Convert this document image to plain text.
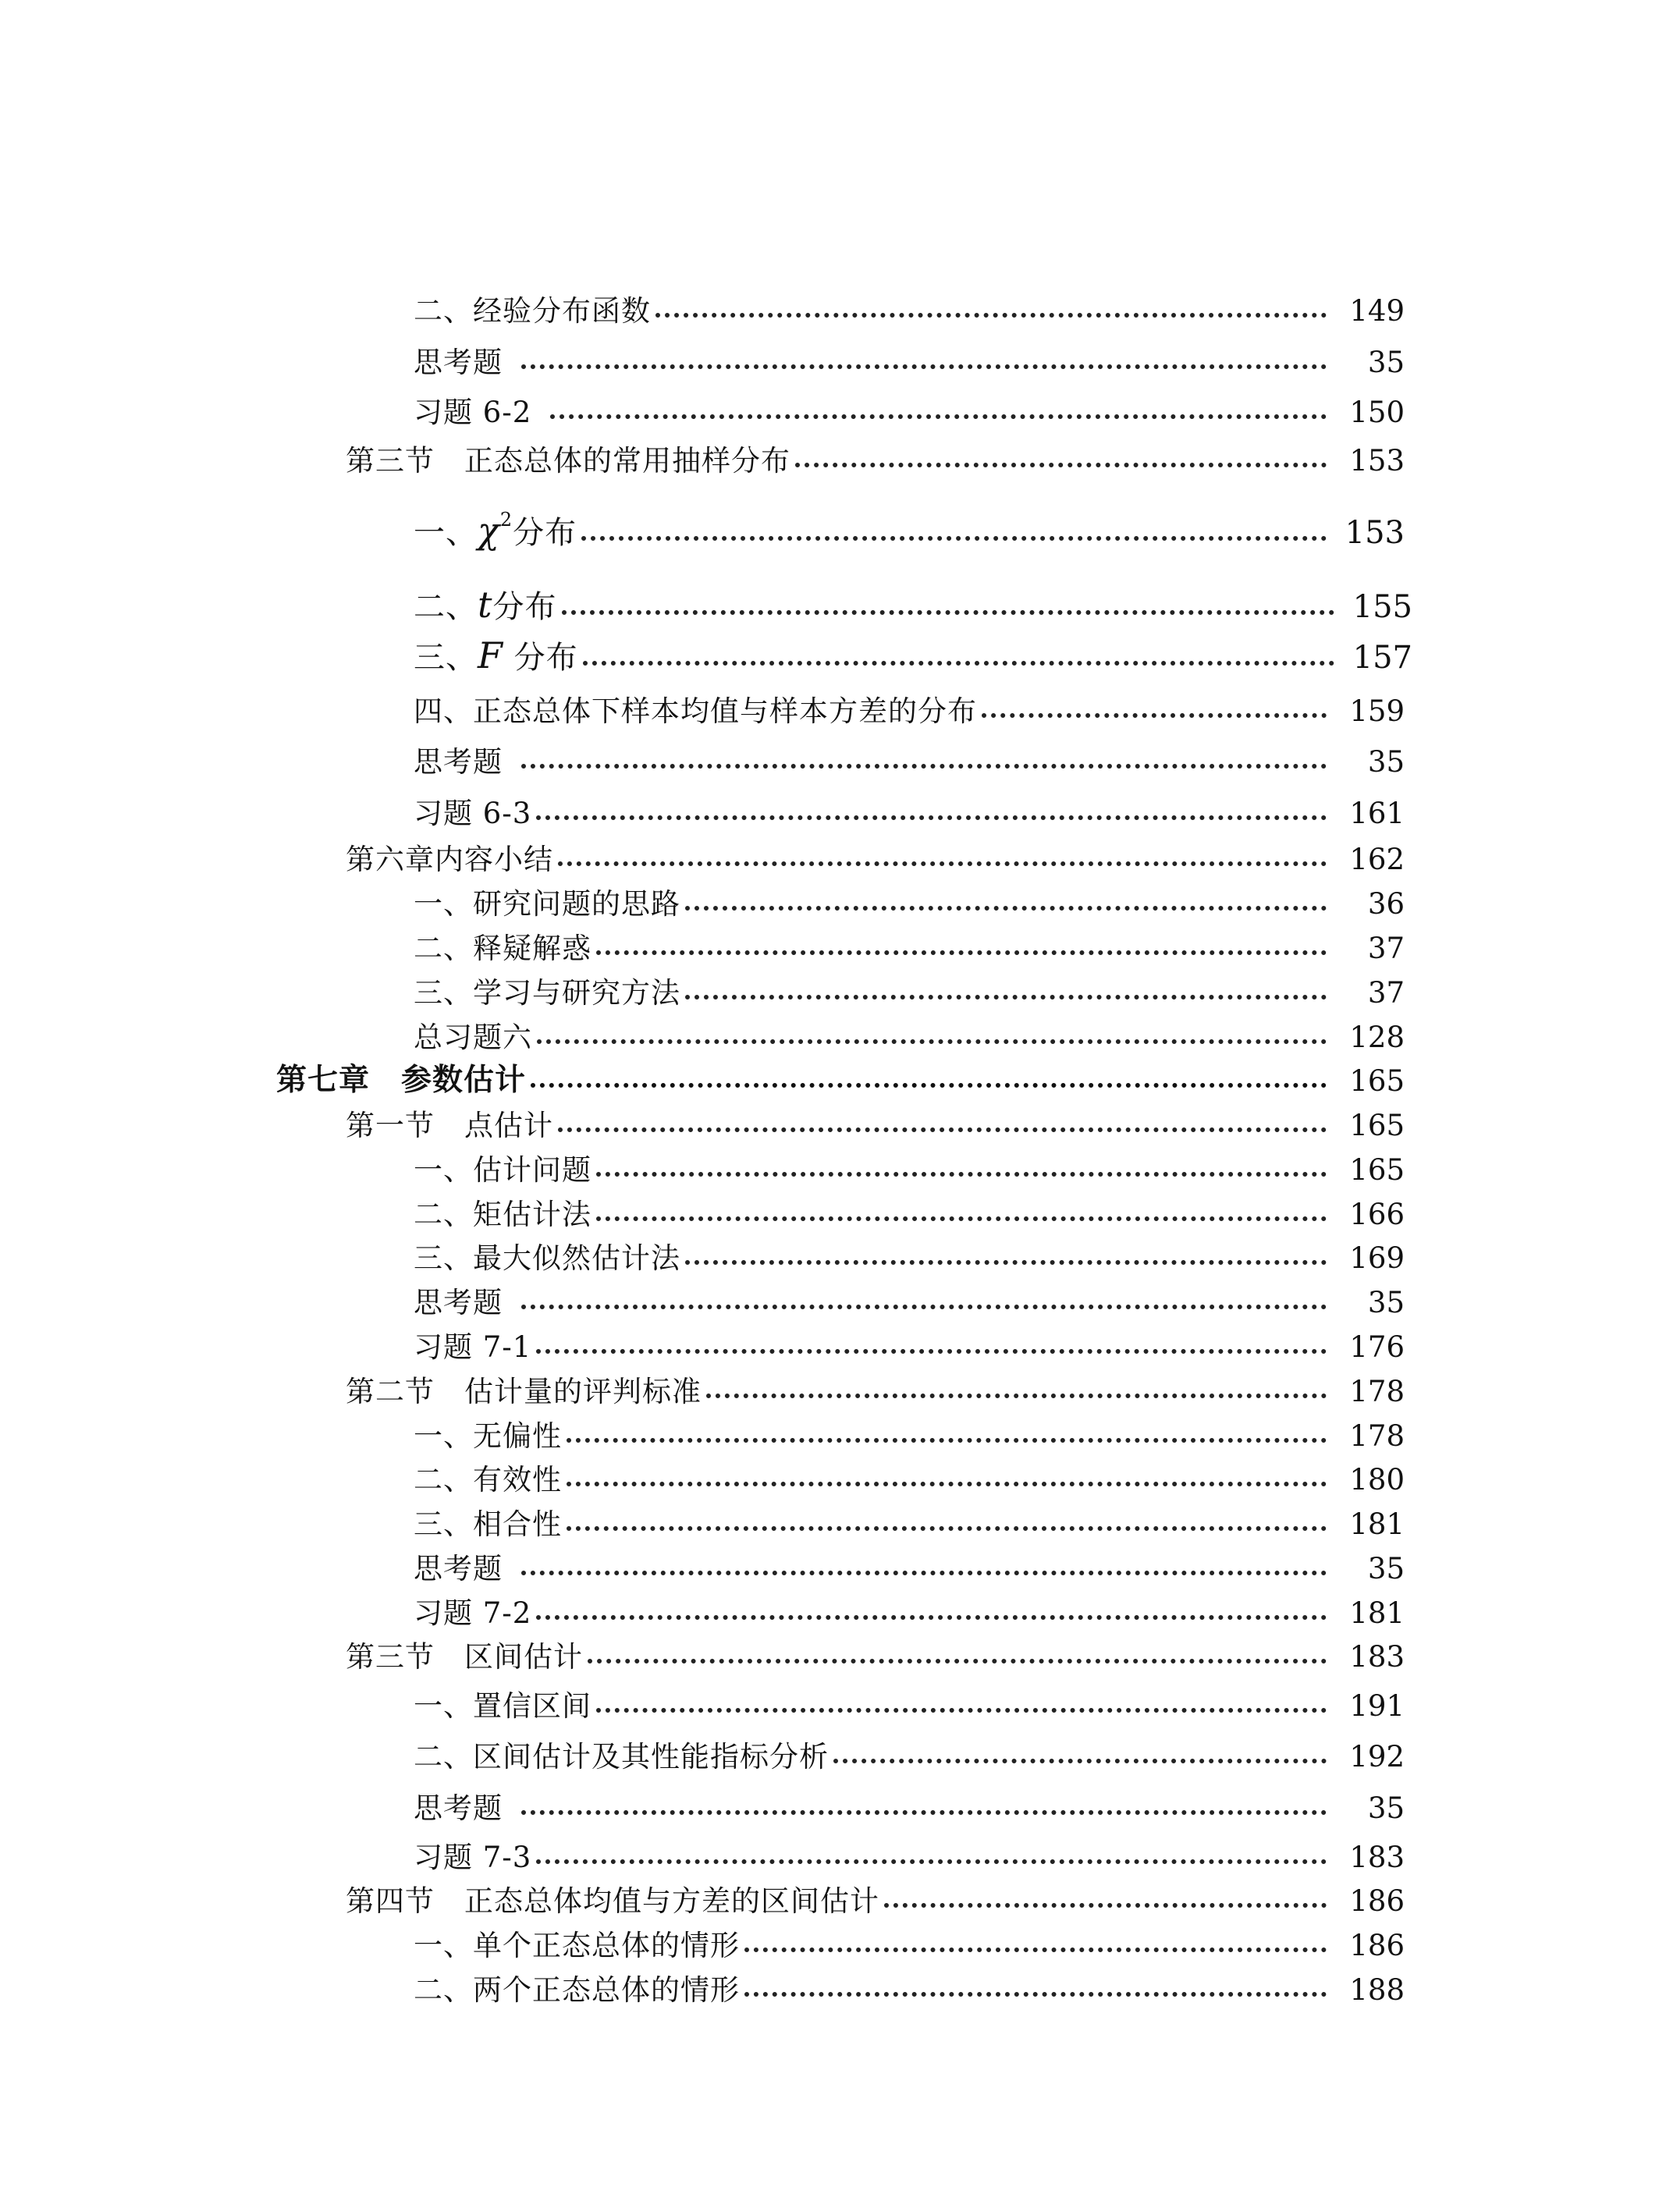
二、经验分布函数	149
思考题	35
习题 6-2	150
第三节　正态总体的常用抽样分布	153
一、$\chi^2$分布	153
二、t分布	155
三、F 分布	157
四、正态总体下样本均值与样本方差的分布	159
思考题	35
习题 6-3	161
第六章内容小结	162
一、研究问题的思路	36
二、释疑解惑	37
三、学习与研究方法	37
总习题六	128
第七章　参数估计	165
第一节　点估计	165
一、估计问题	165
二、矩估计法	166
三、最大似然估计法	169
思考题	35
习题 7-1	176
第二节　估计量的评判标准	178
一、无偏性	178
二、有效性	180
三、相合性	181
思考题	35
习题 7-2	181
第三节　区间估计	183
一、置信区间	191
二、区间估计及其性能指标分析	192
思考题	35
习题 7-3	183
第四节　正态总体均值与方差的区间估计	186
一、单个正态总体的情形	186
二、两个正态总体的情形	188
